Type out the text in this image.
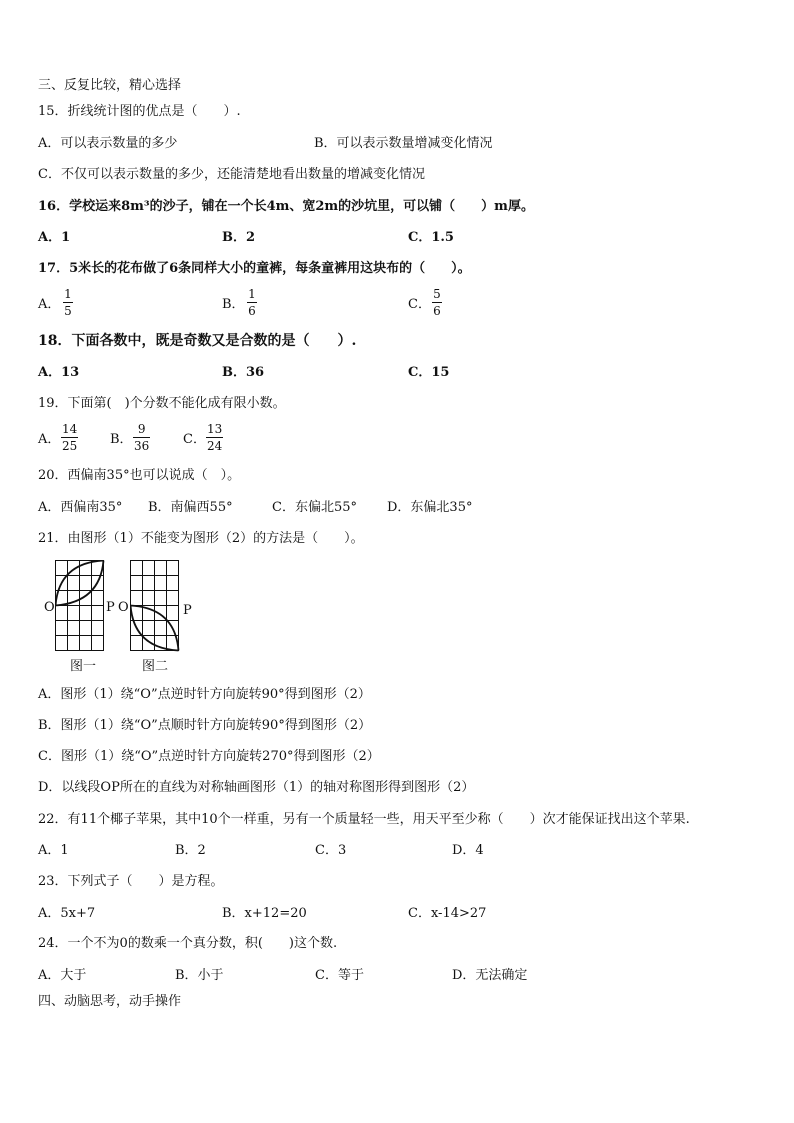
三、反复比较，精心选择
15．折线统计图的优点是（　　）.
A．可以表示数量的多少	B．可以表示数量增减变化情况
C．不仅可以表示数量的多少，还能清楚地看出数量的增减变化情况
16．学校运来8m³的沙子，铺在一个长4m、宽2m的沙坑里，可以铺（　　）m厚。
A．1	B．2	C．1.5
17．5米长的花布做了6条同样大小的童裤，每条童裤用这块布的（　　）。
A．
1
5	B．
1
6	C．
5
6
18．下面各数中，既是奇数又是合数的是（　　）.
A．13	B．36	C．15
19．下面第(　)个分数不能化成有限小数。
A．
14
25	B．
9
36	C．
13
24
20．西偏南35°也可以说成（　）。
A．西偏南35° B．南偏西55°	C．东偏北55° D．东偏北35°
21．由图形（1）不能变为图形（2）的方法是（　　）。
O	P
图一
O	P
图二
A．图形（1）绕“O”点逆时针方向旋转90°得到图形（2）
B．图形（1）绕“O”点顺时针方向旋转90°得到图形（2）
C．图形（1）绕“O”点逆时针方向旋转270°得到图形（2）
D．以线段OP所在的直线为对称轴画图形（1）的轴对称图形得到图形（2）
22．有11个椰子苹果，其中10个一样重，另有一个质量轻一些，用天平至少称（　　）次才能保证找出这个苹果.
A．1	B．2	C．3	D．4
23．下列式子（　　）是方程。
A．5x+7	B．x+12=20	C．x-14>27
24．一个不为0的数乘一个真分数，积(　　)这个数.
A．大于	B．小于	C．等于	D．无法确定
四、动脑思考，动手操作
